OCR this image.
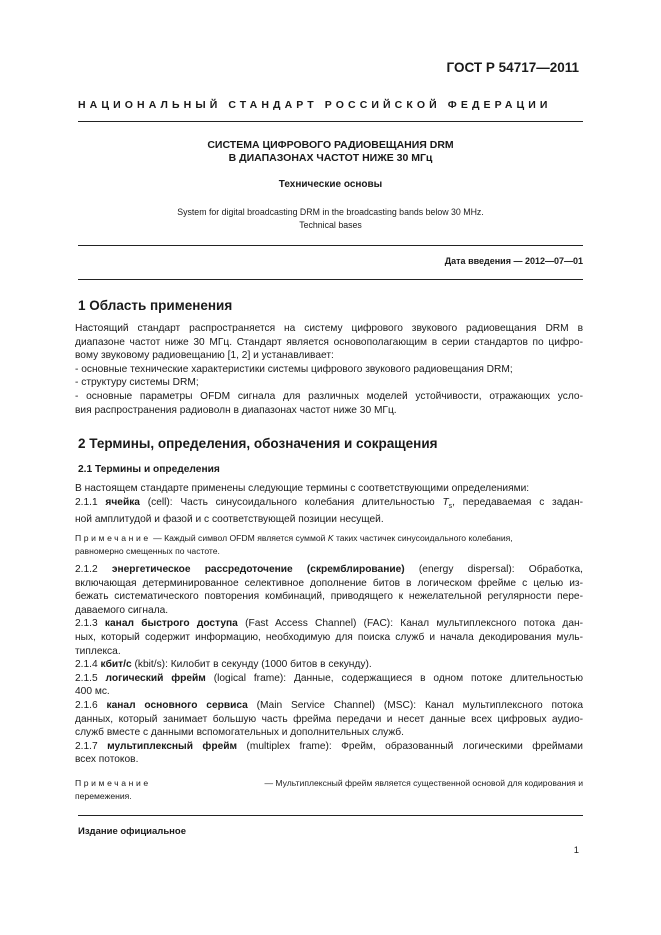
ГОСТ Р 54717—2011
НАЦИОНАЛЬНЫЙ СТАНДАРТ РОССИЙСКОЙ ФЕДЕРАЦИИ
СИСТЕМА ЦИФРОВОГО РАДИОВЕЩАНИЯ DRM
В ДИАПАЗОНАХ ЧАСТОТ НИЖЕ 30 МГц
Технические основы
System for digital broadcasting DRM in the broadcasting bands below 30 MHz.
Technical bases
Дата введения — 2012—07—01
1 Область применения
Настоящий стандарт распространяется на систему цифрового звукового радиовещания DRM в
диапазоне частот ниже 30 МГц. Стандарт является основополагающим в серии стандартов по цифро-
вому звуковому радиовещанию [1, 2] и устанавливает:
- основные технические характеристики системы цифрового звукового радиовещания DRM;
- структуру системы DRM;
- основные параметры OFDM сигнала для различных моделей устойчивости, отражающих усло-
вия распространения радиоволн в диапазонах частот ниже 30 МГц.
2 Термины, определения, обозначения и сокращения
2.1 Термины и определения
В настоящем стандарте применены следующие термины с соответствующими определениями:
2.1.1 ячейка (cell): Часть синусоидального колебания длительностью $T_s$, передаваемая с задан-
ной амплитудой и фазой и с соответствующей позиции несущей.
Примечание — Каждый символ OFDM является суммой K таких частичек синусоидального колебания,
равномерно смещенных по частоте.
2.1.2 энергетическое рассредоточение (скремблирование) (energy dispersal): Обработка,
включающая детерминированное селективное дополнение битов в логическом фрейме с целью из-
бежать систематического повторения комбинаций, приводящего к нежелательной регулярности пере-
даваемого сигнала.
2.1.3 канал быстрого доступа (Fast Access Channel) (FAC): Канал мультиплексного потока дан-
ных, который содержит информацию, необходимую для поиска служб и начала декодирования муль-
типлекса.
2.1.4 кбит/с (kbit/s): Килобит в секунду (1000 битов в секунду).
2.1.5 логический фрейм (logical frame): Данные, содержащиеся в одном потоке длительностью
400 мс.
2.1.6 канал основного сервиса (Main Service Channel) (MSC): Канал мультиплексного потока
данных, который занимает большую часть фрейма передачи и несет данные всех цифровых аудио-
служб вместе с данными вспомогательных и дополнительных служб.
2.1.7 мультиплексный фрейм (multiplex frame): Фрейм, образованный логическими фреймами
всех потоков.
Примечание	— Мультиплексный фрейм является существенной основой для кодирования и
перемежения.
Издание официальное
1
